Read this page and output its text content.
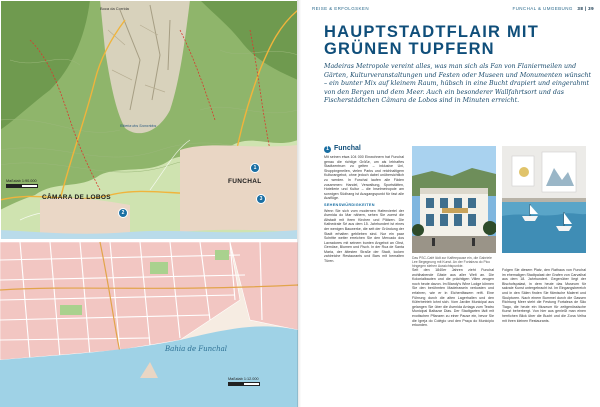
Boca da Corrida
Ribeira dos Socorridos
CÂMARA DE LOBOS
FUNCHAL
Bahia de Funchal
Maßstab 1:90.000
Maßstab 1:12.000
1
2
3
REISE & ERFOLGSKEN	FUNCHAL & UMGEBUNG 38 | 39
HAUPTSTADTFLAIR MIT
GRÜNEN TUPFERN
Madeiras Metropole vereint alles, was man sich als Fan von Flaniermeilen und Gärten, Kulturveranstaltungen und Festen oder Museen und Monumenten wünscht – ein bunter Mix auf kleinem Raum, hübsch in eine Bucht drapiert und eingerahmt von den Bergen und dem Meer. Auch ein besonderer Wallfahrtsort und das Fischerstädtchen Câmara de Lobos sind in Minuten erreicht.
1 Funchal
Mit seinen etwa 104 000 Einwohnern hat Funchal genau die richtige Größe, um als lebhaftes Stadtzentrum zu gelten – inklusive Uni, Shoppingmeilen, vielen Parks und reichhaltigem Kulturangebot, ohne jedoch dabei unübersichtlich zu werden. In Funchal laufen alle Fäden zusammen: Handel, Verwaltung, Sportstätten, Hotellerie und Kultur – die Inselmetropole am sonnigen Südhang ist Ausgangspunkt für fast alle Ausflüge.
SEHENSWÜRDIGKEITEN
Wenn Sie sich vom modernen Hafenviertel der Avenida do Mar nähern, sehen Sie zuerst die Altstadt mit ihren Kirchen und Plätzen. Die Kathedrale Sé aus dem 15. Jahrhundert ist eines der wenigen Bauwerke, die seit der Gründung der Stadt erhalten geblieben sind. Nur ein paar Schritte weiter erreichen Sie den Mercado dos Lavradores mit seinem bunten Angebot an Obst, Gemüse, Blumen und Fisch. In der Rua de Santa Maria, der ältesten Straße der Stadt, locken zahlreiche Restaurants und Bars mit bemalten Türen.
Das PSC-Café lädt zur Kaffeepause ein, die Gabriele Lee Begegnung mit Kunst. An der Fortaleza do Pico hingegen stehen Aussichtspunkte.
Seit den 1840er Jahren zieht Funchal wohlhabende Gäste aus aller Welt an. Die Kolonialbauten und die prächtigen Villen zeugen noch heute davon. Im Blandy's Wine Lodge können Sie den berühmten Madeirawein verkosten und erfahren, wie er in Eichenfässern reift. Eine Führung durch die alten Lagerhallen und den Küferbetrieb lohnt sich. Vom Jardim Municipal aus gelangen Sie über die Avenida Arriaga zum Teatro Municipal Baltazar Dias. Der Stadtgarten lädt mit exotischen Pflanzen zu einer Pause ein, bevor Sie die Igreja do Colégio und den Praça do Município erkunden.
Folgen Sie diesem Platz, den Rathaus von Funchal im ehemaligen Stadtpalast der Grafen von Carvalhal aus dem 18. Jahrhundert. Gegenüber liegt der Bischofspalast, in dem heute das Museum für sakrale Kunst untergebracht ist. Im Eingangsbereich und in den Sälen finden Sie flämische Malerei und Skulpturen. Nach einem Bummel durch die Gassen Richtung Meer steht die Festung Fortaleza de São Tiago, die heute ein Museum für zeitgenössische Kunst beherbergt. Von hier aus genießt man einen herrlichen Blick über die Bucht und die Zona Velha mit ihren kleinen Restaurants.
